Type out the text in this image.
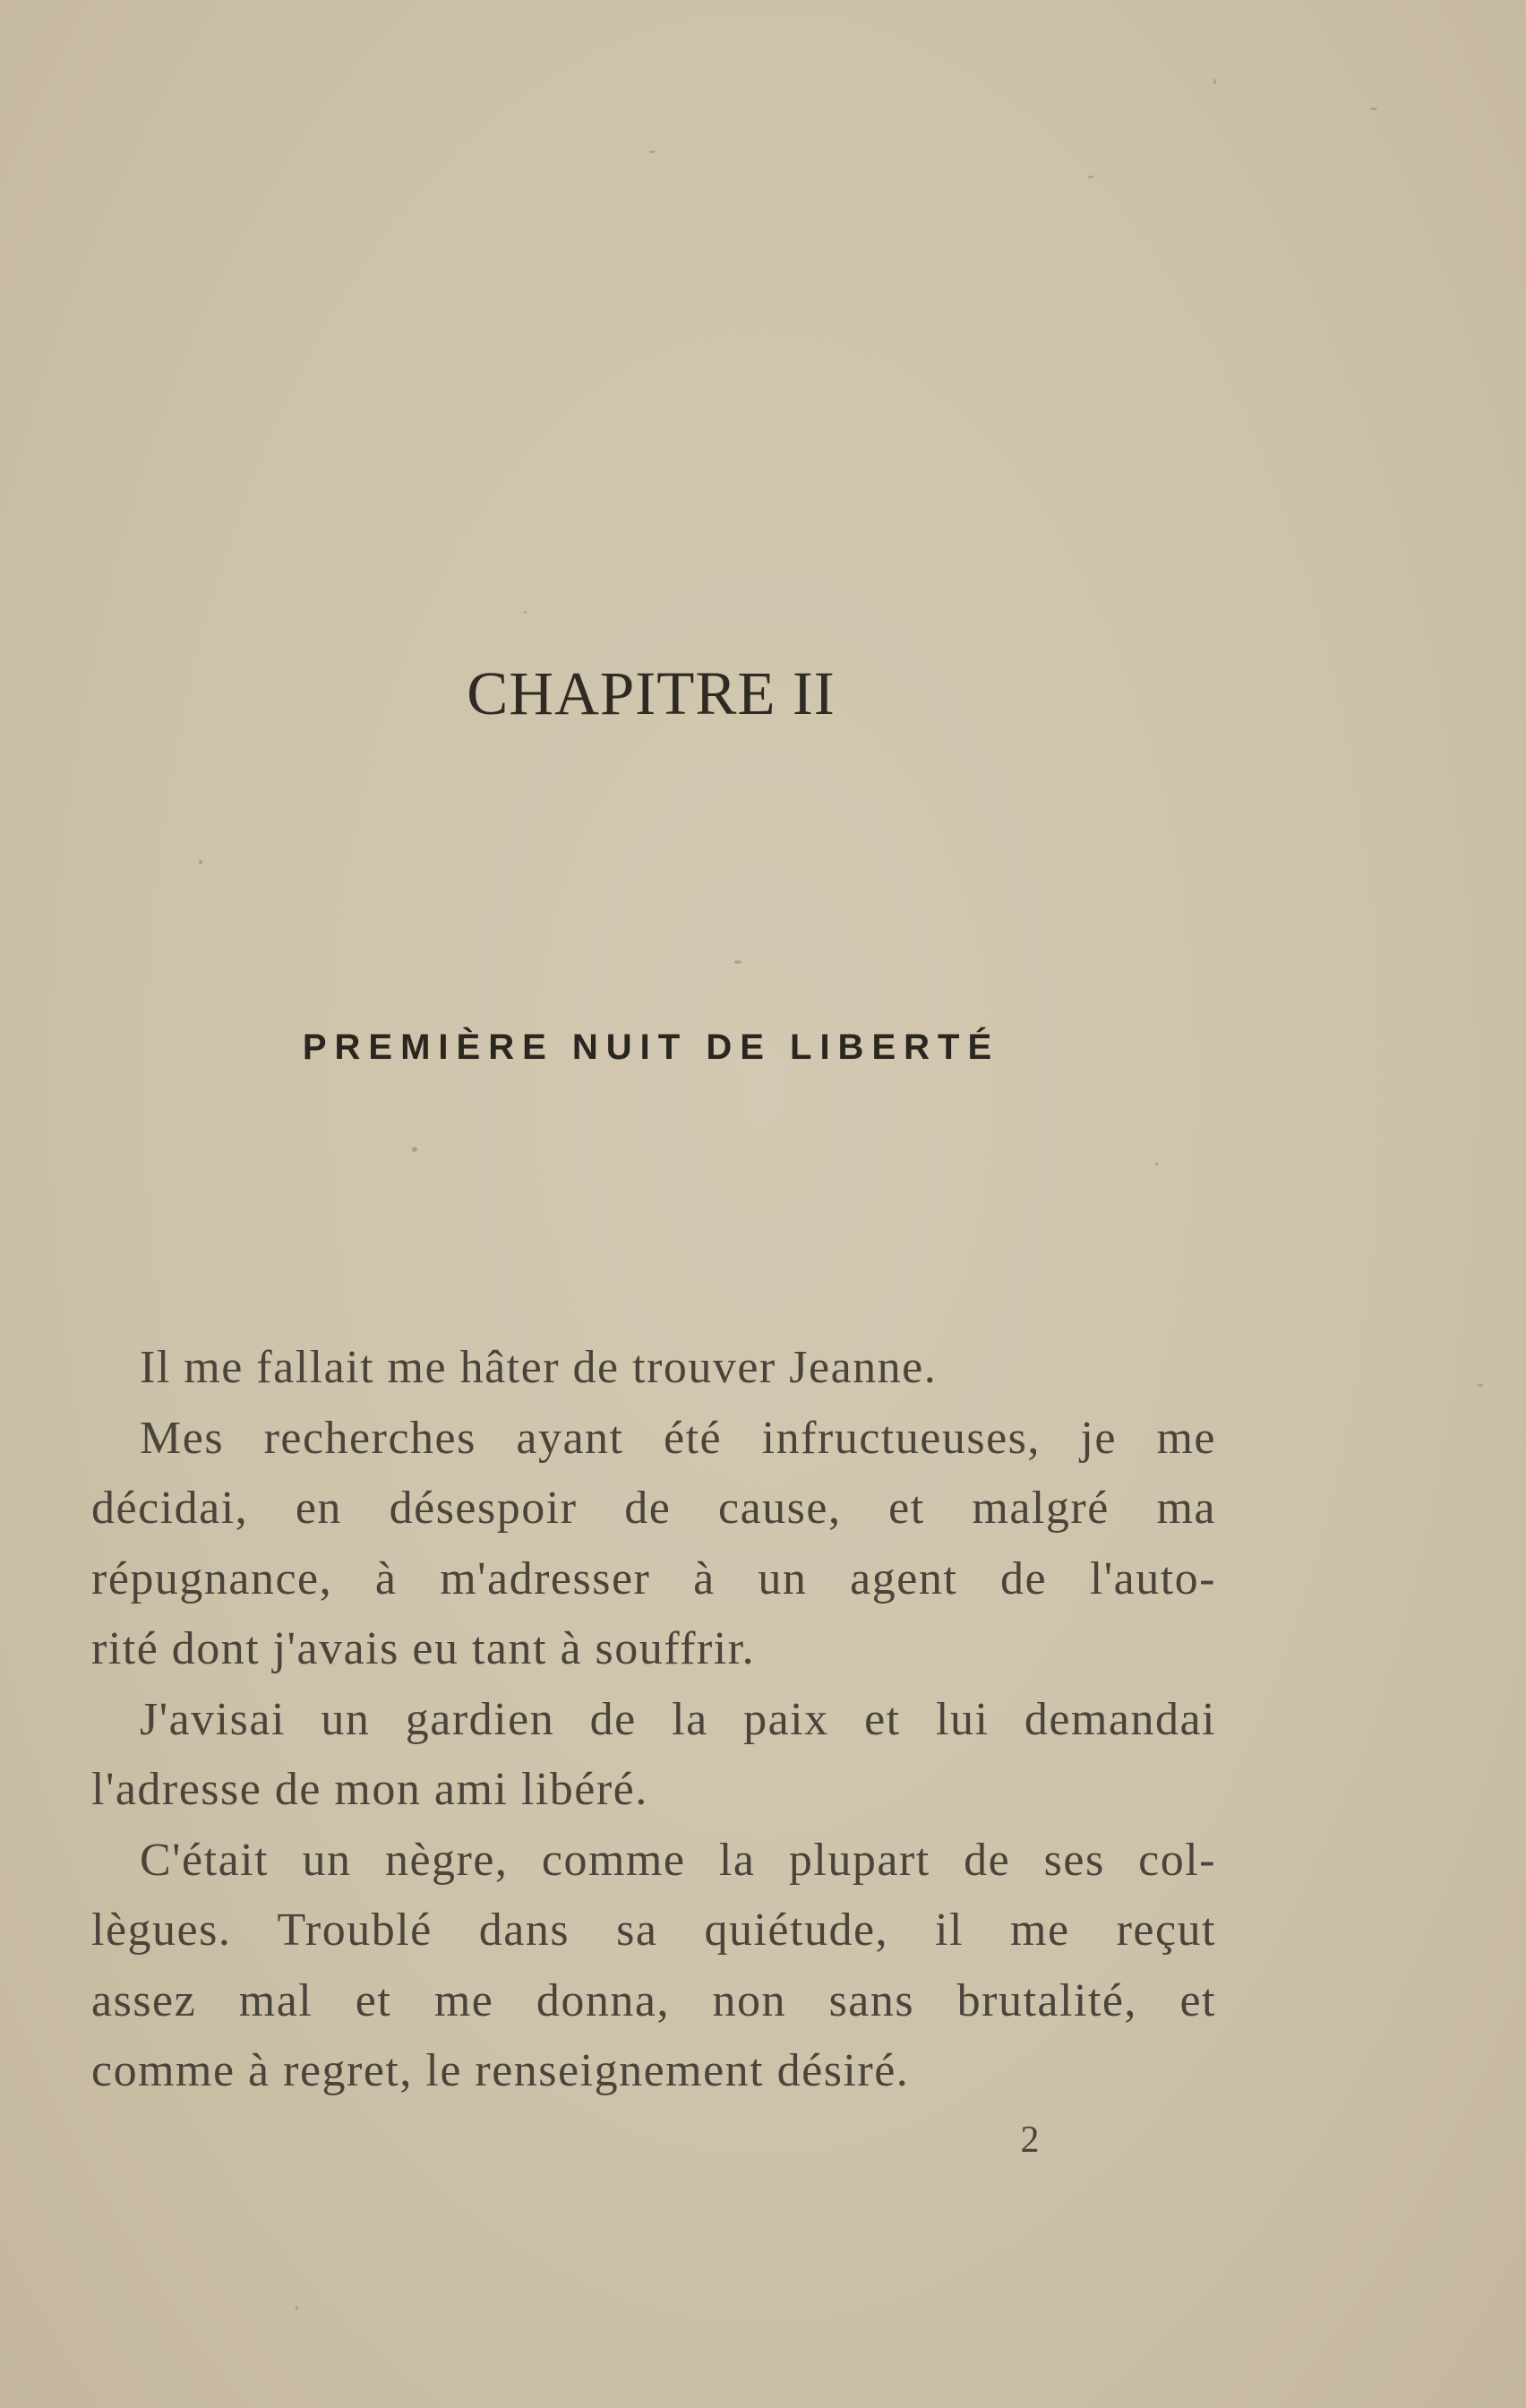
CHAPITRE II
PREMIÈRE NUIT DE LIBERTÉ
Il me fallait me hâter de trouver Jeanne.
Mes recherches ayant été infructueuses, je me
décidai, en désespoir de cause, et malgré ma
répugnance, à m'adresser à un agent de l'auto-
rité dont j'avais eu tant à souffrir.
J'avisai un gardien de la paix et lui demandai
l'adresse de mon ami libéré.
C'était un nègre, comme la plupart de ses col-
lègues. Troublé dans sa quiétude, il me reçut
assez mal et me donna, non sans brutalité, et
comme à regret, le renseignement désiré.
2
